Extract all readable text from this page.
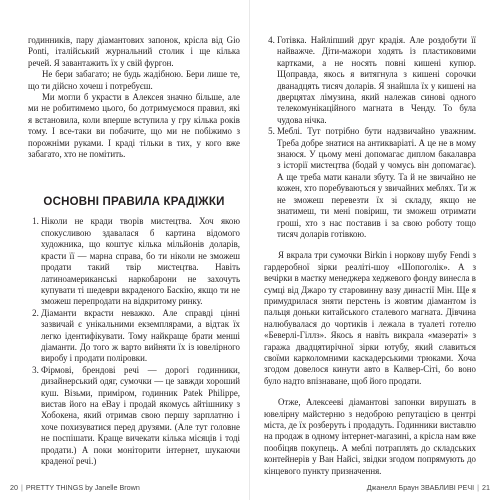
годинників, пару діамантових запонок, крісла від Gio Ponti, італійський журнальний столик і ще кілька речей. Я завантажить їх у свій фургон.

Не бери забагато; не будь жадібною. Бери лише те, що ти дійсно хочеш і потребуєш.

Ми могли б украсти в Алексея значно більше, але ми не робитимемо цього, бо дотримуємося правил, які я встановила, коли вперше вступила у гру кілька років тому. І все-таки ви побачите, що ми не побіжимо з порожніми руками. І краді тільки в тих, у кого вже забагато, хто не помітить.

ОСНОВНІ ПРАВИЛА КРАДІЖКИ
1. Ніколи не кради творів мистецтва. Хоч якою спокусливою здавалася б картина відомого художника, що коштує кілька мільйонів доларів, красти її — марна справа, бо ти ніколи не зможеш продати такий твір мистецтва. Навіть латиноамериканські наркобарони не захочуть купувати ті шедеври вкраденого Баскію, якщо ти не зможеш перепродати на відкритому ринку.
2. Діаманти вкрасти неважко. Але справді цінні зазвичай є унікальними екземплярами, а відтак їх легко ідентифікувати. Тому найкраще брати менші діаманти. До того ж варто вийняти їх із ювелірного виробу і продати поліровки.
3. Фірмові, брендові речі — дорогі годинники, дизайнерський одяг, сумочки — це завжди хороший куш. Візьми, приміром, годинник Patek Philippe, вистав його на eBay і продай якомусь айтішнику з Хобокена, який отримав свою першу зарплатню і хоче похизуватися перед друзями. (Але тут головне не поспішати. Краще вичекати кілька місяців і тоді продати.) А поки моніторити інтернет, шукаючи краденої речі.)
20 | PRETTY THINGS by Janelle Brown
4. Готівка. Найліпший друг крадія. Але роздобути її найважче. Діти-мажори ходять із пластиковими картками, а не носять повні кишені купюр. Щоправда, якось я витягнула з кишені сорочки дванадцять тисяч доларів. Я знайшла їх у кишені на дверцятах лімузина, який належав синові одного телекомунікаційного магната в Ченду. То була чудова нічка.
5. Меблі. Тут потрібно бути надзвичайно уважним. Треба добре знатися на антикваріаті. А це не в мому знаюся. У цьому мені допомагає диплом бакалавра з історії мистецтва (бодай у чомусь він допомагає). А ще треба мати канали збуту. Та й не звичайно не кожен, хто поребуваються у звичайних меблях. Ти ж не зможеш перевезти їх зі складу, якщо не знатимеш, ти мені повіриш, ти зможеш отримати гроші, хто з нас поставив і за свою роботу тощо тисяч доларів готівкою.

Я вкрала три сумочки Birkin і норкову шубу Fendi з гардеробної зірки реаліті-шоу «Шопоголік». А з вечірки в маєтку менеджера хеджевого фонду винесла в сумці від Джаро ту старовинну вазу династії Мін. Ще я примудрилася зняти перстень із жовтим діамантом із пальця доньки китайського сталевого магната. Дівчина налюбувалася до чортиків і лежала в туалеті готелю «Беверлі-Гіллз». Якось я навіть викрала «мазераті» з гаража двадцятирічної зірки ютубу, який славиться своїми карколомними каскадерськими трюками. Хоча згодом довелося кинути авто в Калвер-Сіті, бо воно було надто впізнаване, щоб його продати.

Отже, Алексееві діамантові запонки вирушать в ювелірну майстерню з недоброю репутацією в центрі міста, де їх розберуть і продадуть. Годинники виставлю на продаж в одному інтернет-магазині, а крісла нам вже пообіцяв покупець. А меблі потраплять до складських контейнерів у Ван Найсі, звідки згодом попрямують до кінцевого пункту призначення.

Джанелл Браун ЗВАБЛИВІ РЕЧІ | 21
